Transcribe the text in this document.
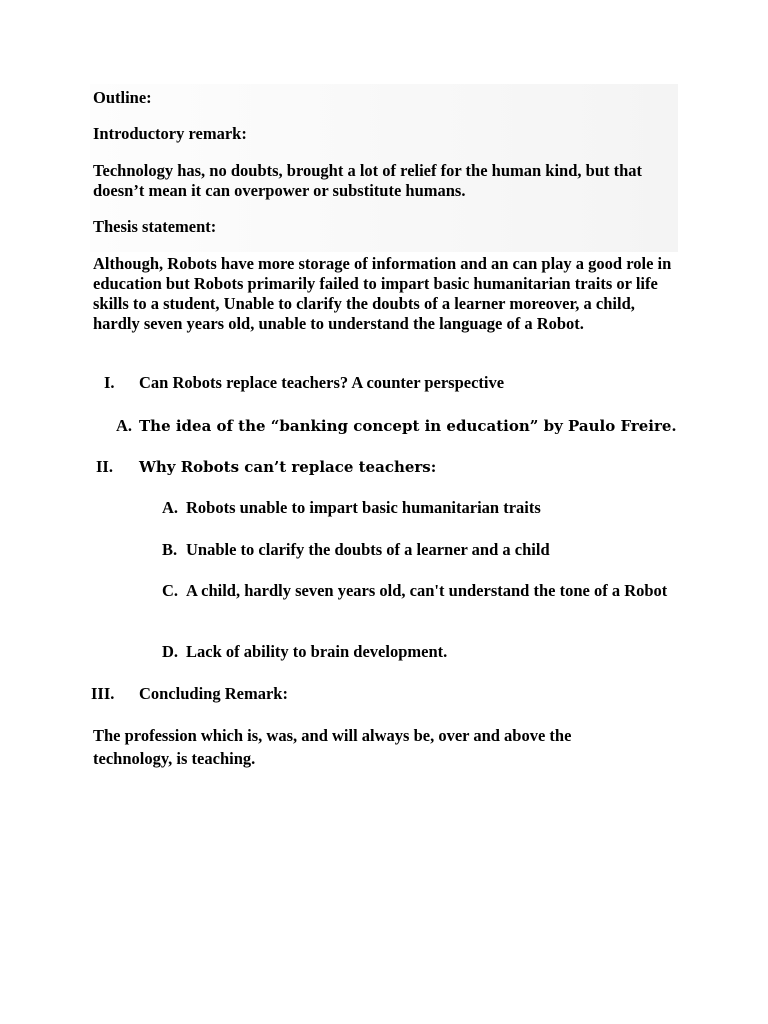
Outline:

Introductory remark:

Technology has, no doubts, brought a lot of relief for the human kind, but that doesn’t mean it can overpower or substitute humans.

Thesis statement:

Although, Robots have more storage of information and an can play a good role in education but Robots primarily failed to impart basic humanitarian traits or life skills to a student, Unable to clarify the doubts of a learner moreover, a child, hardly seven years old, unable to understand the language of a Robot.

I. Can Robots replace teachers? A counter perspective
A. The idea of the “banking concept in education” by Paulo Freire.
II. Why Robots can’t replace teachers:
A. Robots unable to impart basic humanitarian traits
B. Unable to clarify the doubts of a learner and a child
C. A child, hardly seven years old, can't understand the tone of a Robot
D. Lack of ability to brain development.
III. Concluding Remark:

The profession which is, was, and will always be, over and above the technology, is teaching.
